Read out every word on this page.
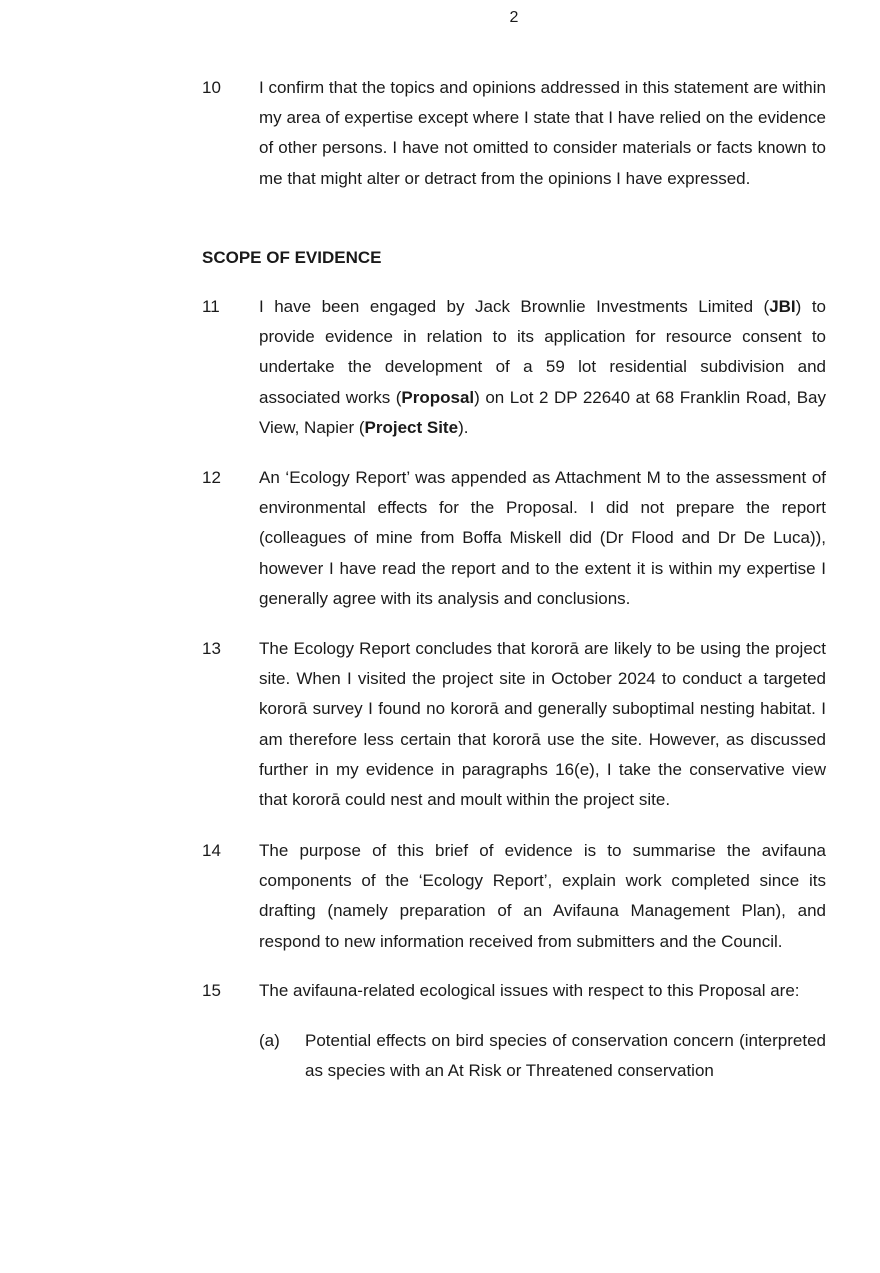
2
10 I confirm that the topics and opinions addressed in this statement are within my area of expertise except where I state that I have relied on the evidence of other persons. I have not omitted to consider materials or facts known to me that might alter or detract from the opinions I have expressed.
SCOPE OF EVIDENCE
11 I have been engaged by Jack Brownlie Investments Limited (JBI) to provide evidence in relation to its application for resource consent to undertake the development of a 59 lot residential subdivision and associated works (Proposal) on Lot 2 DP 22640 at 68 Franklin Road, Bay View, Napier (Project Site).
12 An ‘Ecology Report’ was appended as Attachment M to the assessment of environmental effects for the Proposal. I did not prepare the report (colleagues of mine from Boffa Miskell did (Dr Flood and Dr De Luca)), however I have read the report and to the extent it is within my expertise I generally agree with its analysis and conclusions.
13 The Ecology Report concludes that kororā are likely to be using the project site. When I visited the project site in October 2024 to conduct a targeted kororā survey I found no kororā and generally suboptimal nesting habitat. I am therefore less certain that kororā use the site. However, as discussed further in my evidence in paragraphs 16(e), I take the conservative view that kororā could nest and moult within the project site.
14 The purpose of this brief of evidence is to summarise the avifauna components of the ‘Ecology Report’, explain work completed since its drafting (namely preparation of an Avifauna Management Plan), and respond to new information received from submitters and the Council.
15 The avifauna-related ecological issues with respect to this Proposal are:
(a) Potential effects on bird species of conservation concern (interpreted as species with an At Risk or Threatened conservation
